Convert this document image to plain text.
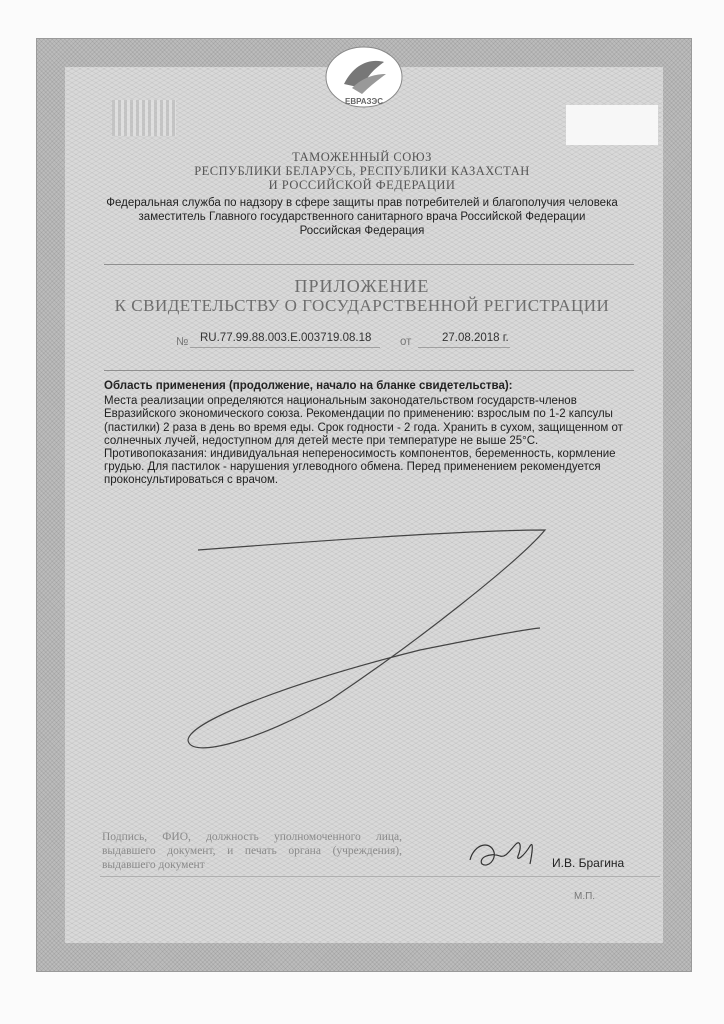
ЕВРАЗЭС
ТАМОЖЕННЫЙ СОЮЗ
РЕСПУБЛИКИ БЕЛАРУСЬ, РЕСПУБЛИКИ КАЗАХСТАН
И РОССИЙСКОЙ ФЕДЕРАЦИИ
Федеральная служба по надзору в сфере защиты прав потребителей и благополучия человека
заместитель Главного государственного санитарного врача Российской Федерации
Российская Федерация
ПРИЛОЖЕНИЕ
К СВИДЕТЕЛЬСТВУ О ГОСУДАРСТВЕННОЙ РЕГИСТРАЦИИ
№ RU.77.99.88.003.E.003719.08.18 от	27.08.2018 г.
Область применения (продолжение, начало на бланке свидетельства):

Места реализации определяются национальным законодательством государств-членов Евразийского экономического союза. Рекомендации по применению: взрослым по 1-2 капсулы (пастилки) 2 раза в день во время еды. Срок годности - 2 года. Хранить в сухом, защищенном от солнечных лучей, недоступном для детей месте при температуре не выше 25°С.

Противопоказания: индивидуальная непереносимость компонентов, беременность, кормление грудью. Для пастилок - нарушения углеводного обмена. Перед применением рекомендуется проконсультироваться с врачом.

Подпись, ФИО, должность уполномоченного лица, выдавшего документ, и печать органа (учреждения), выдавшего документ	И.В. Брагина
М.П.
